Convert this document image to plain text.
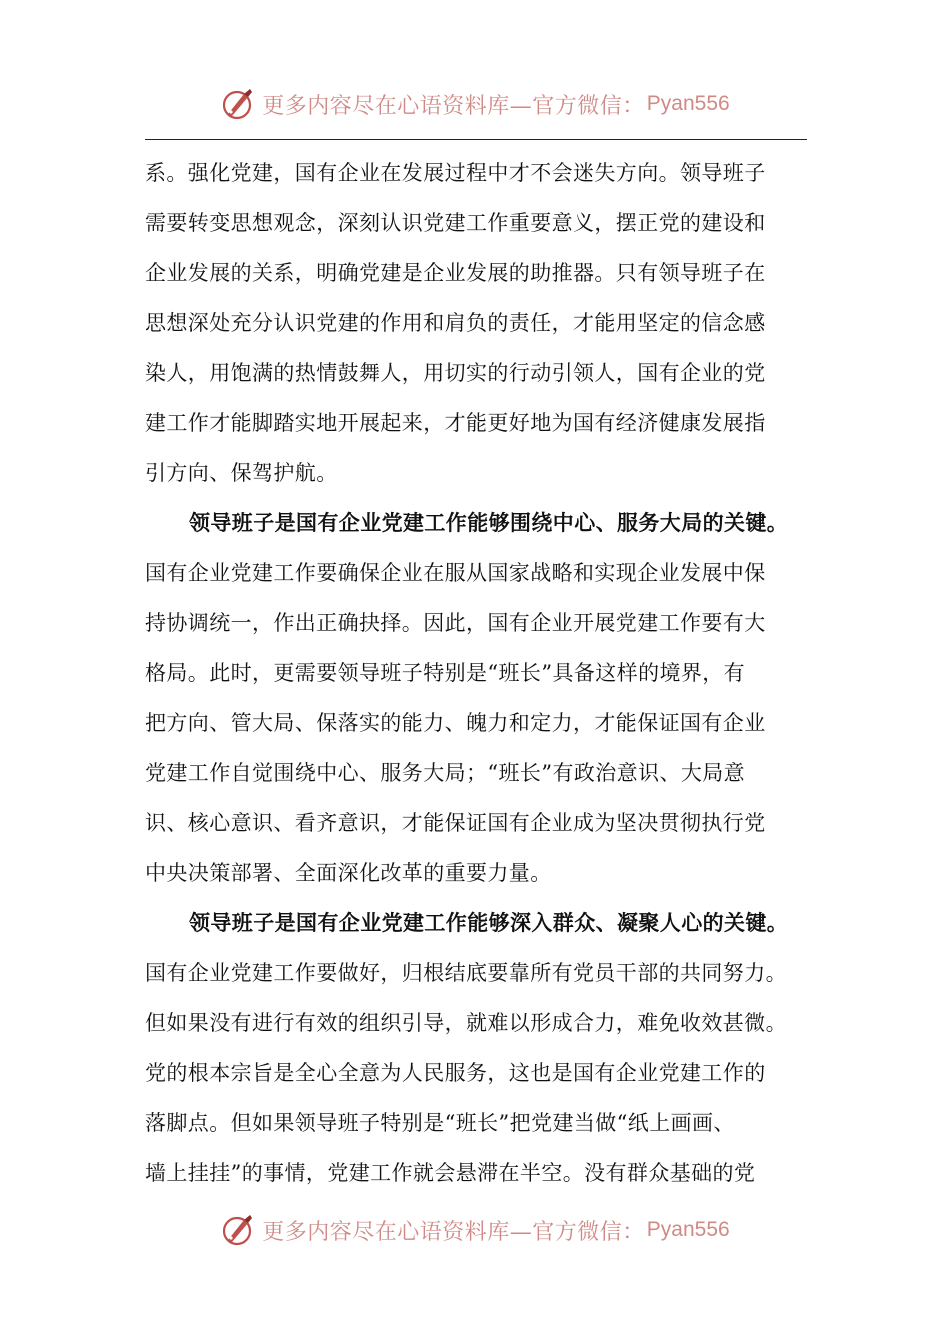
更多内容尽在心语资料库—官方微信： Pyan556
系。强化党建，国有企业在发展过程中才不会迷失方向。领导班子
需要转变思想观念，深刻认识党建工作重要意义，摆正党的建设和
企业发展的关系，明确党建是企业发展的助推器。只有领导班子在
思想深处充分认识党建的作用和肩负的责任，才能用坚定的信念感
染人，用饱满的热情鼓舞人，用切实的行动引领人，国有企业的党
建工作才能脚踏实地开展起来，才能更好地为国有经济健康发展指
引方向、保驾护航。
领导班子是国有企业党建工作能够围绕中心、服务大局的关键。
国有企业党建工作要确保企业在服从国家战略和实现企业发展中保
持协调统一，作出正确抉择。因此，国有企业开展党建工作要有大
格局。此时，更需要领导班子特别是“班长”具备这样的境界，有
把方向、管大局、保落实的能力、魄力和定力，才能保证国有企业
党建工作自觉围绕中心、服务大局；“班长”有政治意识、大局意
识、核心意识、看齐意识，才能保证国有企业成为坚决贯彻执行党
中央决策部署、全面深化改革的重要力量。
领导班子是国有企业党建工作能够深入群众、凝聚人心的关键。
国有企业党建工作要做好，归根结底要靠所有党员干部的共同努力。
但如果没有进行有效的组织引导，就难以形成合力，难免收效甚微。
党的根本宗旨是全心全意为人民服务，这也是国有企业党建工作的
落脚点。但如果领导班子特别是“班长”把党建当做“纸上画画、
墙上挂挂”的事情，党建工作就会悬滞在半空。没有群众基础的党
更多内容尽在心语资料库—官方微信： Pyan556
